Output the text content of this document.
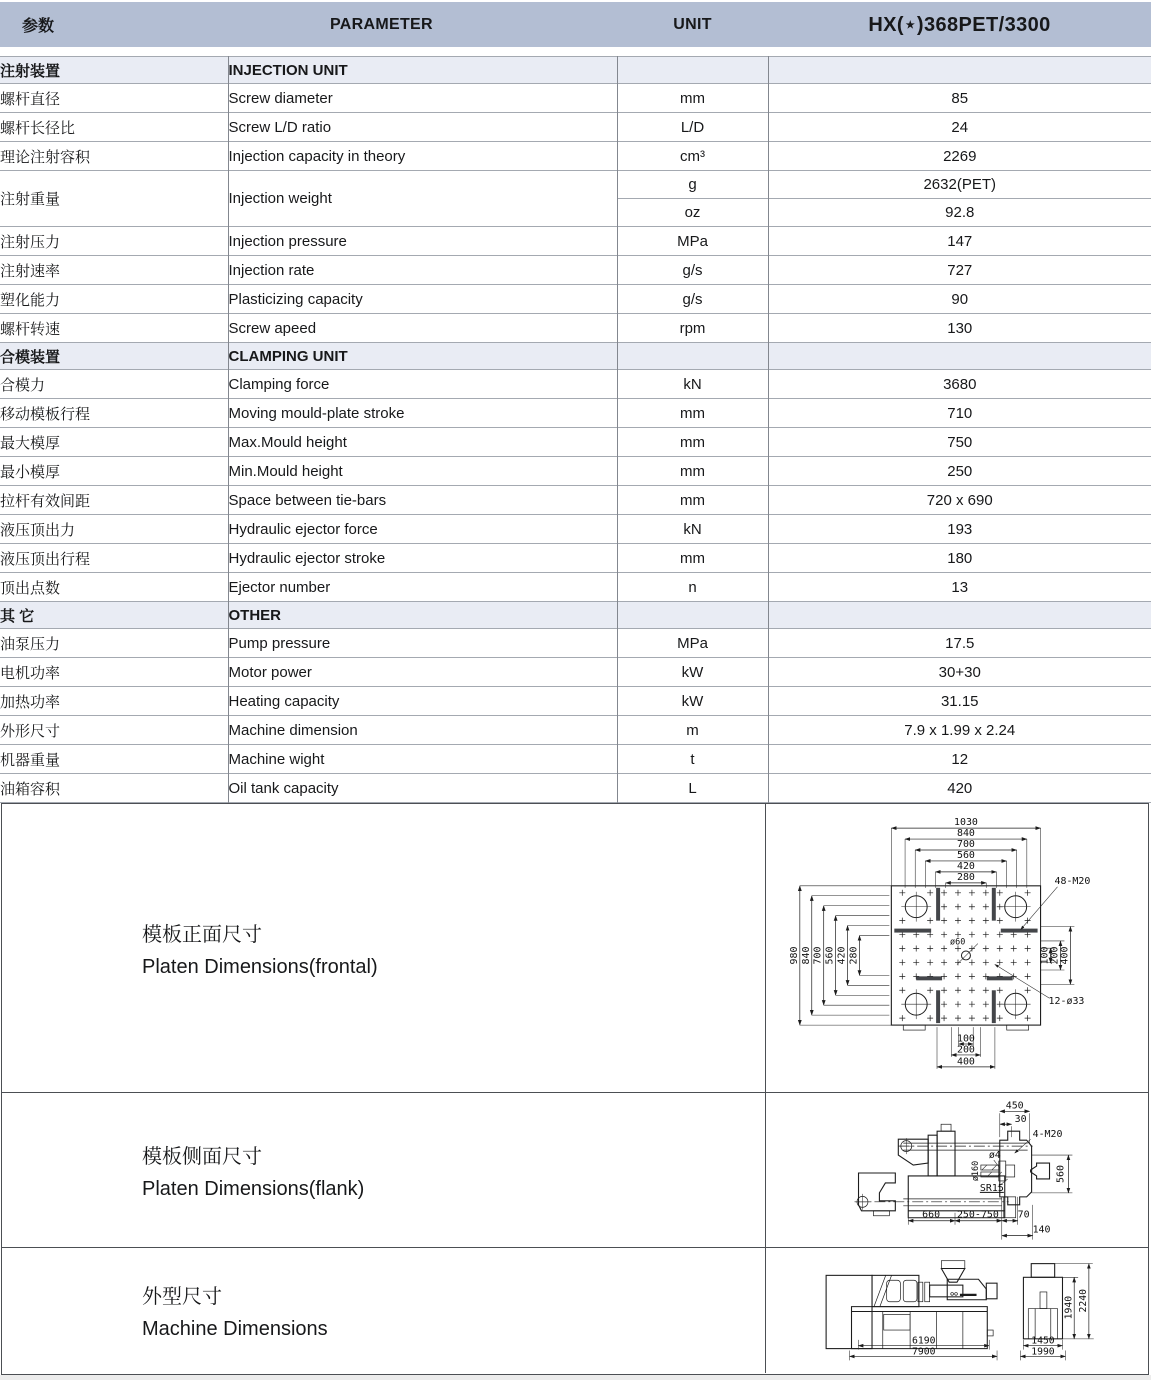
参数	PARAMETER	UNIT	HX(⋆)368PET/3300
注射装置	INJECTION UNIT		
螺杆直径	Screw diameter	mm	85
螺杆长径比	Screw L/D ratio	L/D	24
理论注射容积	Injection capacity in theory	cm³	2269
注射重量	Injection weight	g	2632(PET)
		oz	92.8
注射压力	Injection pressure	MPa	147
注射速率	Injection rate	g/s	727
塑化能力	Plasticizing capacity	g/s	90
螺杆转速	Screw apeed	rpm	130
合模装置	CLAMPING UNIT		
合模力	Clamping force	kN	3680
移动模板行程	Moving mould-plate stroke	mm	710
最大模厚	Max.Mould height	mm	750
最小模厚	Min.Mould height	mm	250
拉杆有效间距	Space between tie-bars	mm	720 x 690
液压顶出力	Hydraulic ejector force	kN	193
液压顶出行程	Hydraulic ejector stroke	mm	180
顶出点数	Ejector number	n	13
其 它	OTHER		
油泵压力	Pump pressure	MPa	17.5
电机功率	Motor power	kW	30+30
加热功率	Heating capacity	kW	31.15
外形尺寸	Machine dimension	m	7.9 x 1.99 x 2.24
机器重量	Machine wight	t	12
油箱容积	Oil tank capacity	L	420
模板正面尺寸
Platen Dimensions(frontal)
ø60
1030
840
700
560
420
280
980 840 700 560 420 280	100
200
400
100
200
400
48-M20
12-ø33
模板侧面尺寸
Platen Dimensions(flank)
450
30
4-M20
560
ø4
ø160
SR15
660 250-750 70
140
外型尺寸
Machine Dimensions
6190
7900
1940 2240
1450
1990
